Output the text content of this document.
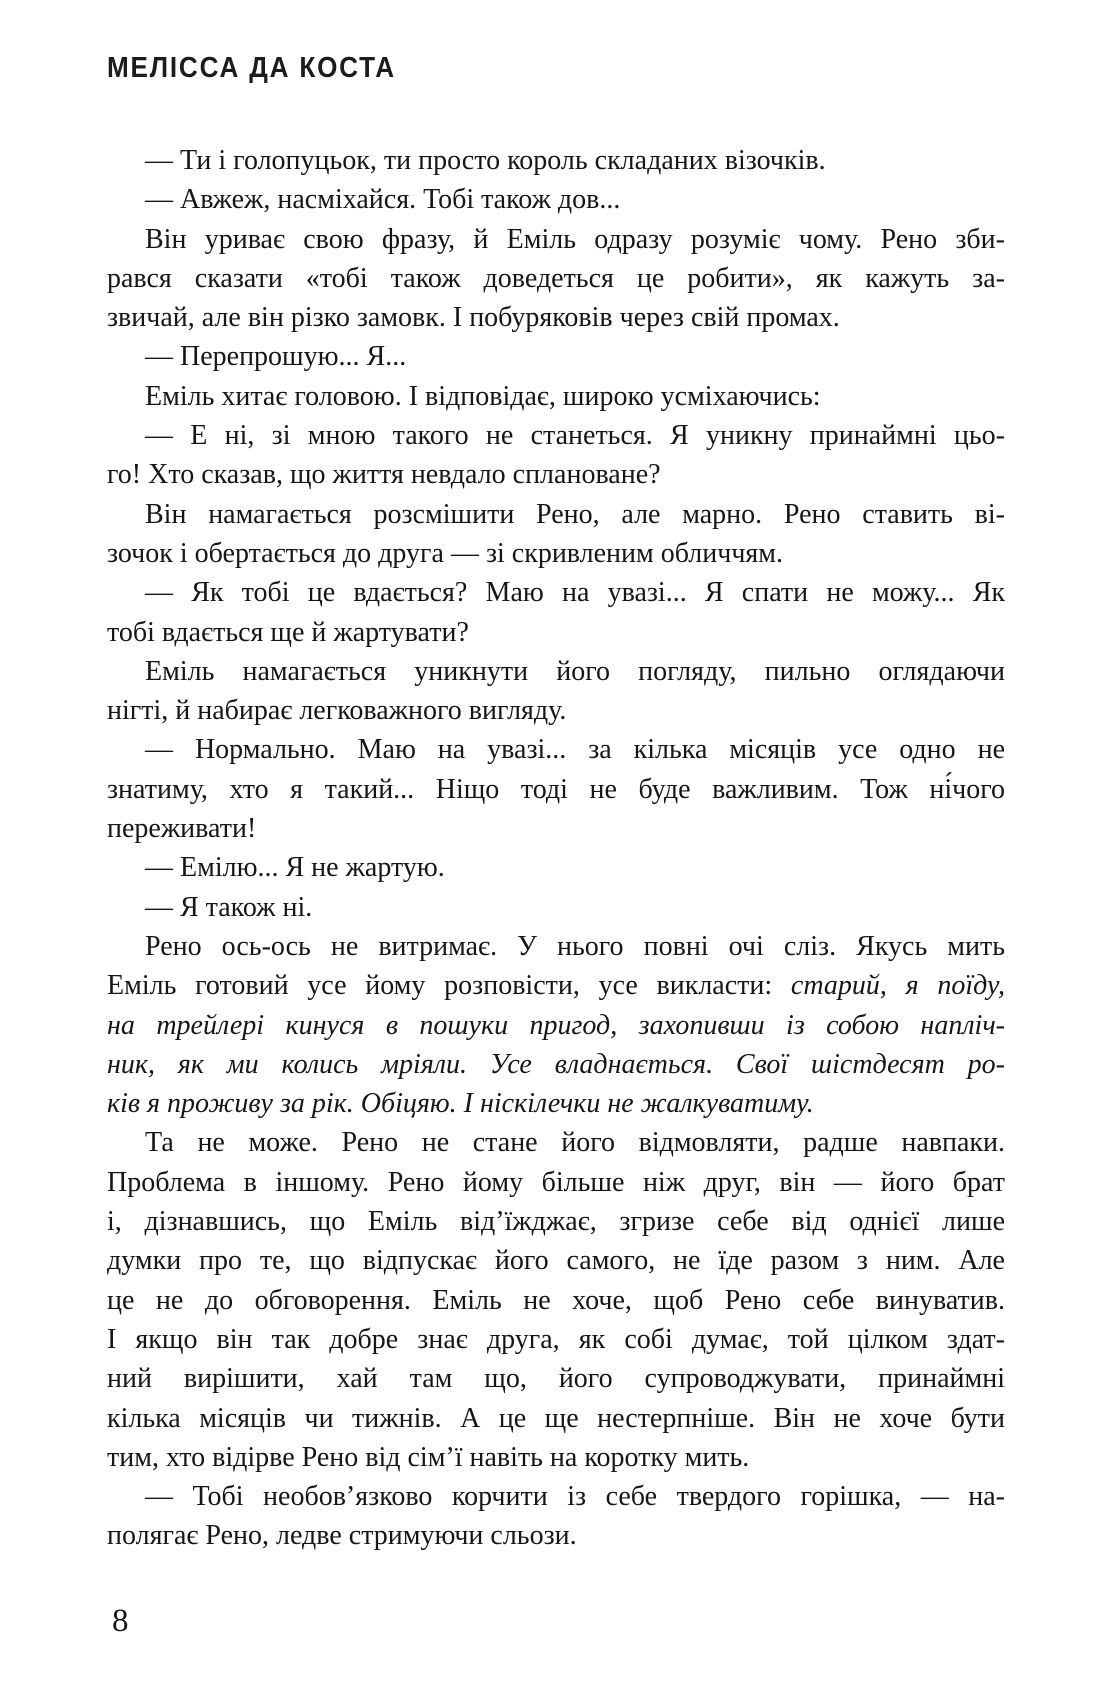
МЕЛІССА ДА КОСТА
— Ти і голопуцьок, ти просто король складаних візочків.
— Авжеж, насміхайся. Тобі також дов...
Він уриває свою фразу, й Еміль одразу розуміє чому. Рено зби-
рався сказати «тобі також доведеться це робити», як кажуть за-
звичай, але він різко замовк. І побуряковів через свій промах.
— Перепрошую... Я...
Еміль хитає головою. І відповідає, широко усміхаючись:
— Е ні, зі мною такого не станеться. Я уникну принаймні цьо-
го! Хто сказав, що життя невдало сплановане?
Він намагається розсмішити Рено, але марно. Рено ставить ві-
зочок і обертається до друга — зі скривленим обличчям.
— Як тобі це вдається? Маю на увазі... Я спати не можу... Як
тобі вдається ще й жартувати?
Еміль намагається уникнути його погляду, пильно оглядаючи
нігті, й набирає легковажного вигляду.
— Нормально. Маю на увазі... за кілька місяців усе одно не
знатиму, хто я такий... Ніщо тоді не буде важливим. Тож ні́чого
переживати!
— Емілю... Я не жартую.
— Я також ні.
Рено ось-ось не витримає. У нього повні очі сліз. Якусь мить
Еміль готовий усе йому розповісти, усе викласти: старий, я поїду,
на трейлері кинуся в пошуки пригод, захопивши із собою напліч-
ник, як ми колись мріяли. Усе владнається. Свої шістдесят ро-
ків я проживу за рік. Обіцяю. І ніскілечки не жалкуватиму.
Та не може. Рено не стане його відмовляти, радше навпаки.
Проблема в іншому. Рено йому більше ніж друг, він — його брат
і, дізнавшись, що Еміль від’їжджає, згризе себе від однієї лише
думки про те, що відпускає його самого, не їде разом з ним. Але
це не до обговорення. Еміль не хоче, щоб Рено себе винуватив.
І якщо він так добре знає друга, як собі думає, той цілком здат-
ний вирішити, хай там що, його супроводжувати, принаймні
кілька місяців чи тижнів. А це ще нестерпніше. Він не хоче бути
тим, хто відірве Рено від сім’ї навіть на коротку мить.
— Тобі необов’язково корчити із себе твердого горішка, — на-
полягає Рено, ледве стримуючи сльози.
8
